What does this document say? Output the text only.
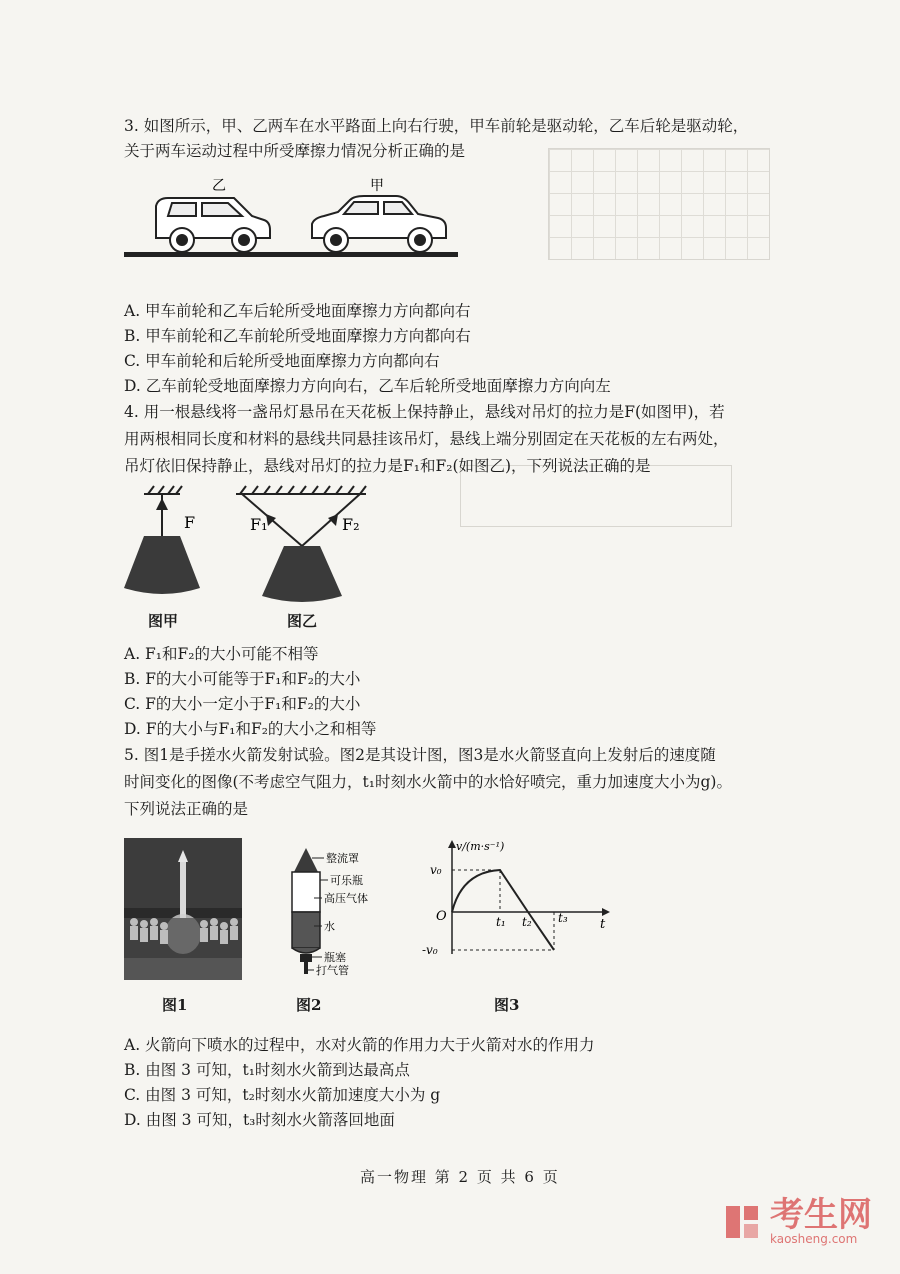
3. 如图所示，甲、乙两车在水平路面上向右行驶，甲车前轮是驱动轮，乙车后轮是驱动轮，
关于两车运动过程中所受摩擦力情况分析正确的是
乙	甲
A. 甲车前轮和乙车后轮所受地面摩擦力方向都向右
B. 甲车前轮和乙车前轮所受地面摩擦力方向都向右
C. 甲车前轮和后轮所受地面摩擦力方向都向右
D. 乙车前轮受地面摩擦力方向向右，乙车后轮所受地面摩擦力方向向左
4. 用一根悬线将一盏吊灯悬吊在天花板上保持静止，悬线对吊灯的拉力是F(如图甲)，若
用两根相同长度和材料的悬线共同悬挂该吊灯，悬线上端分别固定在天花板的左右两处，
吊灯依旧保持静止，悬线对吊灯的拉力是F₁和F₂(如图乙)，下列说法正确的是
F	F₁	F₂
图甲	图乙
A. F₁和F₂的大小可能不相等
B. F的大小可能等于F₁和F₂的大小
C. F的大小一定小于F₁和F₂的大小
D. F的大小与F₁和F₂的大小之和相等
5. 图1是手搓水火箭发射试验。图2是其设计图，图3是水火箭竖直向上发射后的速度随
时间变化的图像(不考虑空气阻力，t₁时刻水火箭中的水恰好喷完，重力加速度大小为g)。
下列说法正确的是
整流罩
可乐瓶
高压气体
水
瓶塞
打气管
v/(m·s⁻¹)
v₀
-v₀
O	t₁ t₂ t₃ t
图1	图2	图3
A. 火箭向下喷水的过程中，水对火箭的作用力大于火箭对水的作用力
B. 由图 3 可知，t₁时刻水火箭到达最高点
C. 由图 3 可知，t₂时刻水火箭加速度大小为 g
D. 由图 3 可知，t₃时刻水火箭落回地面
高一物理 第 2 页 共 6 页
考生网
kaosheng.com
